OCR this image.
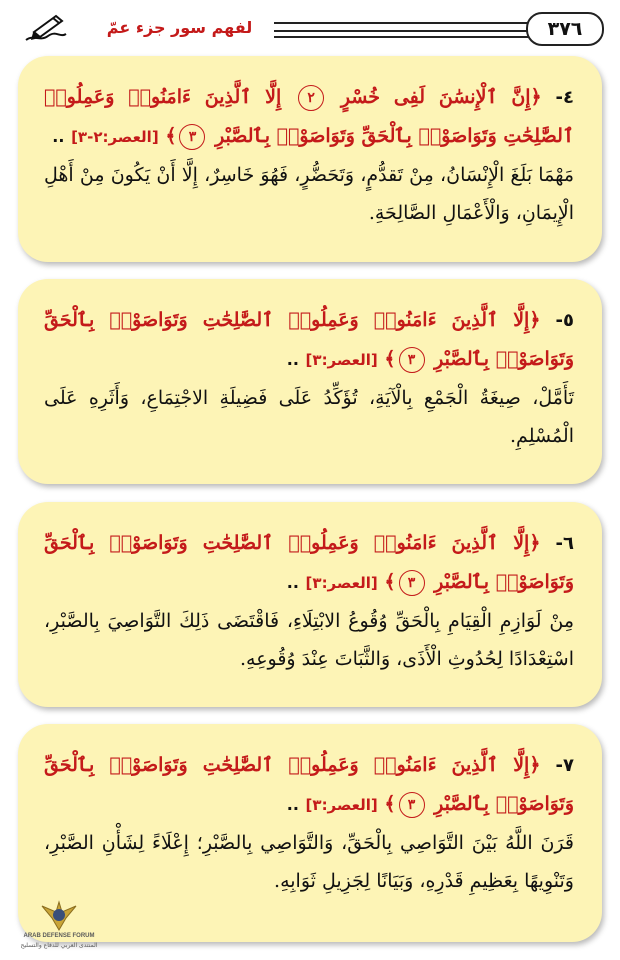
لفهم سور جزء عمّ	٣٧٦
٤- ﴿إِنَّ ٱلْإِنسَٰنَ لَفِى خُسْرٍ ٢ إِلَّا ٱلَّذِينَ ءَامَنُوا۟ وَعَمِلُوا۟ ٱلصَّٰلِحَٰتِ وَتَوَاصَوْا۟ بِٱلْحَقِّ وَتَوَاصَوْا۟ بِٱلصَّبْرِ ٣﴾ [العصر:٢-٣] ..
مَهْمَا بَلَغَ الْإِنْسَانُ، مِنْ تَقدُّمٍ، وَتَحَضُّرٍ، فَهُوَ خَاسِرٌ، إِلَّا أَنْ يَكُونَ مِنْ أَهْلِ الْإِيمَانِ، وَالْأَعْمَالِ الصَّالِحَةِ.
٥- ﴿إِلَّا ٱلَّذِينَ ءَامَنُوا۟ وَعَمِلُوا۟ ٱلصَّٰلِحَٰتِ وَتَوَاصَوْا۟ بِٱلْحَقِّ وَتَوَاصَوْا۟ بِٱلصَّبْرِ ٣﴾ [العصر:٣] ..
تَأَمَّلْ، صِيغَةُ الْجَمْعِ بِالْآيَةِ، تُؤَكِّدُ عَلَى فَضِيلَةِ الاجْتِمَاعِ، وَأَثَرِهِ عَلَى الْمُسْلِمِ.
٦- ﴿إِلَّا ٱلَّذِينَ ءَامَنُوا۟ وَعَمِلُوا۟ ٱلصَّٰلِحَٰتِ وَتَوَاصَوْا۟ بِٱلْحَقِّ وَتَوَاصَوْا۟ بِٱلصَّبْرِ ٣﴾ [العصر:٣] ..
مِنْ لَوَازِمِ الْقِيَامِ بِالْحَقِّ وُقُوعُ الابْتِلَاءِ، فَاقْتَضَى ذَلِكَ التَّوَاصِيَ بِالصَّبْرِ، اسْتِعْدَادًا لِحُدُوثِ الْأَذَى، وَالثَّبَاتَ عِنْدَ وُقُوعِهِ.
٧- ﴿إِلَّا ٱلَّذِينَ ءَامَنُوا۟ وَعَمِلُوا۟ ٱلصَّٰلِحَٰتِ وَتَوَاصَوْا۟ بِٱلْحَقِّ وَتَوَاصَوْا۟ بِٱلصَّبْرِ ٣﴾ [العصر:٣] ..
قَرَنَ اللَّهُ بَيْنَ التَّوَاصِي بِالْحَقِّ، وَالتَّوَاصِي بِالصَّبْرِ؛ إِعْلَاءً لِشَأْنِ الصَّبْرِ، وَتَنْوِيهًا بِعَظِيمِ قَدْرِهِ، وَبَيَانًا لِجَزِيلِ ثَوَابِهِ.
ARAB DEFENSE FORUM
المنتدى العربي للدفاع والتسليح
